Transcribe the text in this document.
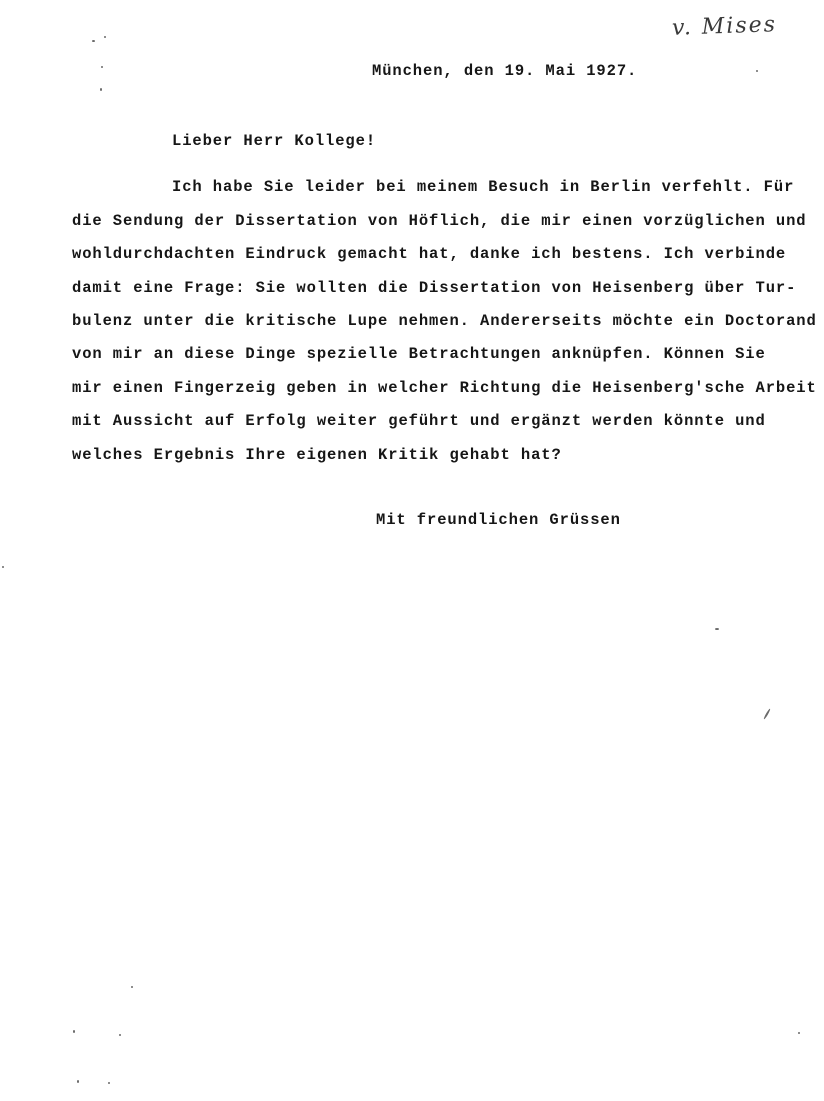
v. Mises
München, den 19. Mai 1927.
Lieber Herr Kollege!
Ich habe Sie leider bei meinem Besuch in Berlin verfehlt. Für
die Sendung der Dissertation von Höflich, die mir einen vorzüglichen und
wohldurchdachten Eindruck gemacht hat, danke ich bestens. Ich verbinde
damit eine Frage: Sie wollten die Dissertation von Heisenberg über Tur-
bulenz unter die kritische Lupe nehmen. Andererseits möchte ein Doctorand
von mir an diese Dinge spezielle Betrachtungen anknüpfen. Können Sie
mir einen Fingerzeig geben in welcher Richtung die Heisenberg'sche Arbeit
mit Aussicht auf Erfolg weiter geführt und ergänzt werden könnte und
welches Ergebnis Ihre eigenen Kritik gehabt hat?
Mit freundlichen Grüssen
